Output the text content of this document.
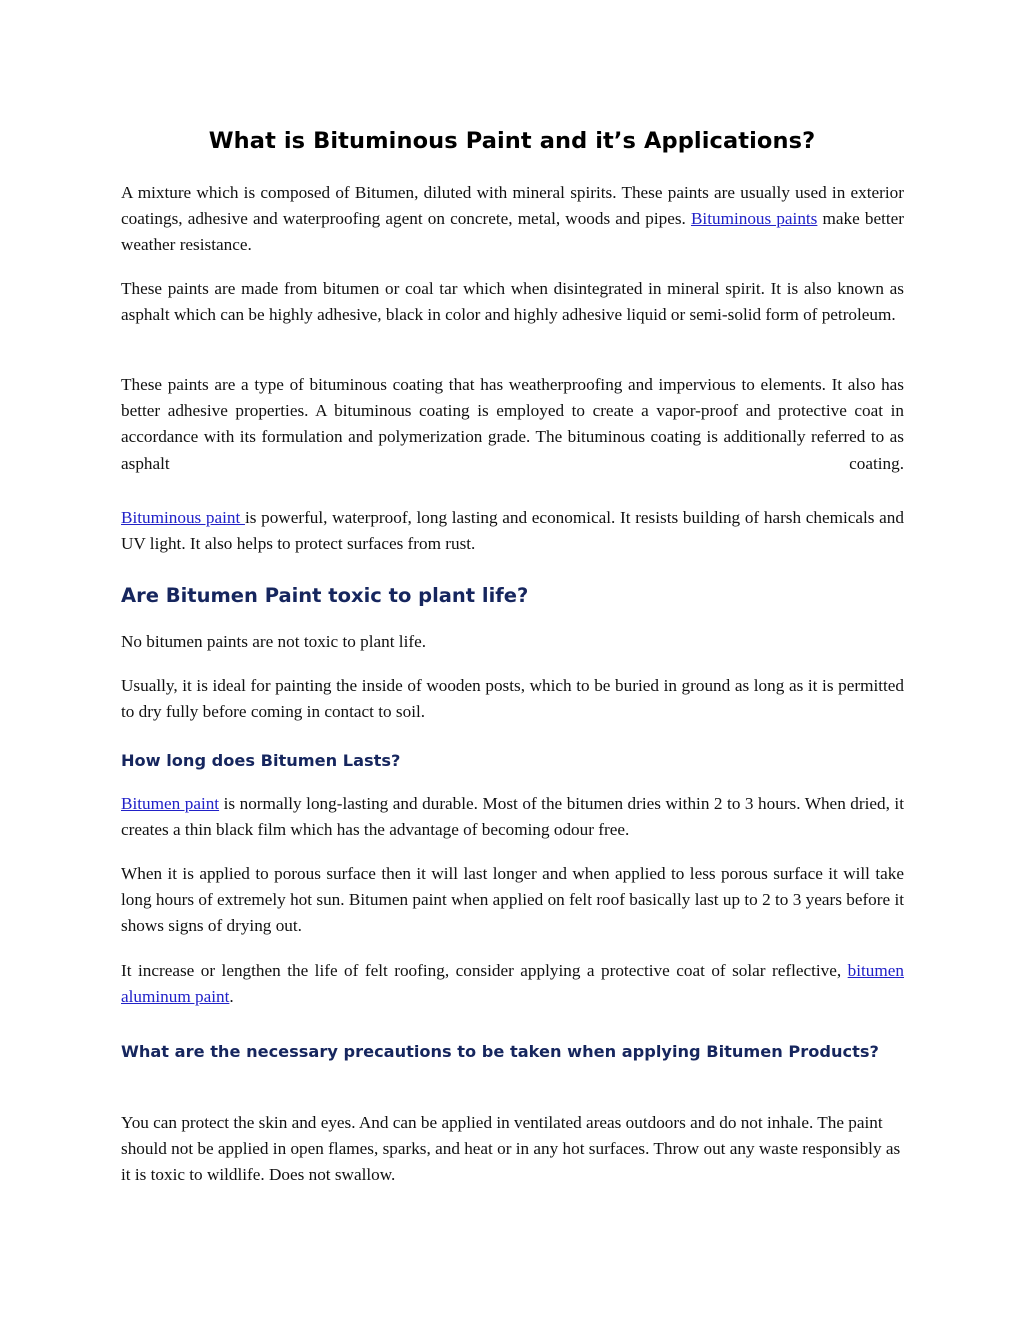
What is Bituminous Paint and it’s Applications?

A mixture which is composed of Bitumen, diluted with mineral spirits. These paints are usually used in exterior coatings, adhesive and waterproofing agent on concrete, metal, woods and pipes. Bituminous paints make better weather resistance.

These paints are made from bitumen or coal tar which when disintegrated in mineral spirit. It is also known as asphalt which can be highly adhesive, black in color and highly adhesive liquid or semi-solid form of petroleum.

These paints are a type of bituminous coating that has weatherproofing and impervious to elements. It also has better adhesive properties. A bituminous coating is employed to create a vapor-proof and protective coat in accordance with its formulation and polymerization grade. The bituminous coating is additionally referred to as asphalt coating.

Bituminous paint is powerful, waterproof, long lasting and economical. It resists building of harsh chemicals and UV light. It also helps to protect surfaces from rust.

Are Bitumen Paint toxic to plant life?

No bitumen paints are not toxic to plant life.

Usually, it is ideal for painting the inside of wooden posts, which to be buried in ground as long as it is permitted to dry fully before coming in contact to soil.

How long does Bitumen Lasts?

Bitumen paint is normally long-lasting and durable. Most of the bitumen dries within 2 to 3 hours. When dried, it creates a thin black film which has the advantage of becoming odour free.

When it is applied to porous surface then it will last longer and when applied to less porous surface it will take long hours of extremely hot sun. Bitumen paint when applied on felt roof basically last up to 2 to 3 years before it shows signs of drying out.

It increase or lengthen the life of felt roofing, consider applying a protective coat of solar reflective, bitumen aluminum paint.

What are the necessary precautions to be taken when applying Bitumen Products?

You can protect the skin and eyes. And can be applied in ventilated areas outdoors and do not inhale. The paint should not be applied in open flames, sparks, and heat or in any hot surfaces. Throw out any waste responsibly as it is toxic to wildlife. Does not swallow.
